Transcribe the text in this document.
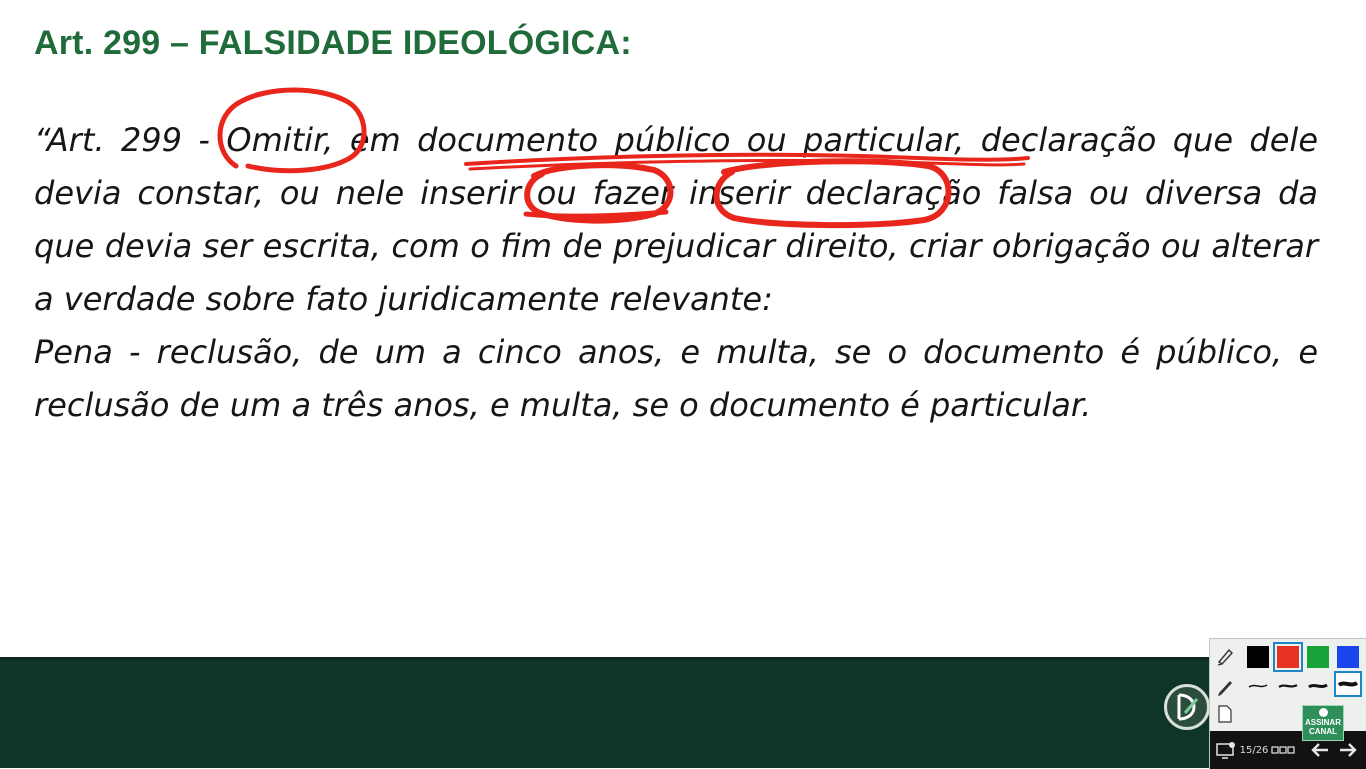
Art. 299 – FALSIDADE IDEOLÓGICA:

“Art. 299 - Omitir, em documento público ou particular, declaração que dele devia constar, ou nele inserir ou fazer inserir declaração falsa ou diversa da que devia ser escrita, com o fim de prejudicar direito, criar obrigação ou alterar a verdade sobre fato juridicamente relevante:

Pena - reclusão, de um a cinco anos, e multa, se o documento é público, e reclusão de um a três anos, e multa, se o documento é particular.

15/26
ASSINAR CANAL
